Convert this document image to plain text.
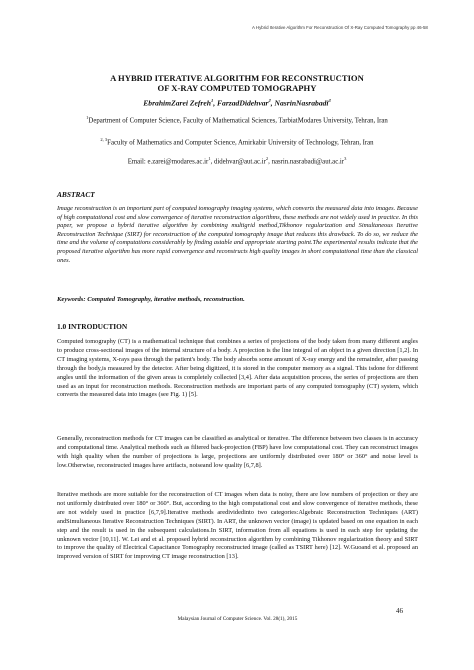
A Hybrid Iterative Algorithm For Reconstruction Of X-Ray Computed Tomography pp 46-58
A HYBRID ITERATIVE ALGORITHM FOR RECONSTRUCTION
OF X-RAY COMPUTED TOMOGRAPHY
EbrahimZarei Zefreh$^1$, FarzadDidehvar$^2$, NasrinNasrabadi$^3$
$^1$Department of Computer Science, Faculty of Mathematical Sciences, TarbiatModares University, Tehran, Iran
$^{2, 3}$Faculty of Mathematics and Computer Science, Amirkabir University of Technology, Tehran, Iran
Email: $e.zarei@modares.ac.ir^1$, $didehvar@aut.ac.ir^2$, $nasrin.nasrabadi@aut.ac.ir^3$
ABSTRACT
Image reconstruction is an important part of computed tomography imaging systems, which converts the measured data into images. Because of high computational cost and slow convergence of iterative reconstruction algorithms, these methods are not widely used in practice. In this paper, we propose a hybrid iterative algorithm by combining multigrid method,Tikhonov regularization and Simultaneous Iterative Reconstruction Technique (SIRT) for reconstruction of the computed tomography image that reduces this drawback. To do so, we reduce the time and the volume of computations considerably by finding astable and appropriate starting point.The experimental results indicate that the proposed iterative algorithm has more rapid convergence and reconstructs high quality images in short computational time than the classical ones.
Keywords: Computed Tomography, iterative methods, reconstruction.
1.0 INTRODUCTION
Computed tomography (CT) is a mathematical technique that combines a series of projections of the body taken from many different angles to produce cross-sectional images of the internal structure of a body. A projection is the line integral of an object in a given direction [1,2]. In CT imaging systems, X-rays pass through the patient's body. The body absorbs some amount of X-ray energy and the remainder, after passing through the body,is measured by the detector. After being digitized, it is stored in the computer memory as a signal. This isdone for different angles until the information of the given areas is completely collected [3,4]. After data acquisition process, the series of projections are then used as an input for reconstruction methods. Reconstruction methods are important parts of any computed tomography (CT) system, which converts the measured data into images (see Fig. 1) [5].
Generally, reconstruction methods for CT images can be classified as analytical or iterative. The difference between two classes is in accuracy and computational time. Analytical methods such as filtered back-projection (FBP) have low computational cost. They can reconstruct images with high quality when the number of projections is large, projections are uniformly distributed over 180° or 360° and noise level is low.Otherwise, reconstructed images have artifacts, noiseand low quality [6,7,8].
Iterative methods are more suitable for the reconstruction of CT images when data is noisy, there are low numbers of projection or they are not uniformly distributed over 180° or 360°. But, according to the high computational cost and slow convergence of iterative methods, these are not widely used in practice [6,7,9].Iterative methods aredividedinto two categories:Algebraic Reconstruction Techniques (ART) andSimultaneous Iterative Reconstruction Techniques (SIRT). In ART, the unknown vector (image) is updated based on one equation in each step and the result is used in the subsequent calculations.In SIRT, information from all equations is used in each step for updating the unknown vector [10,11]. W. Lei and et al. proposed hybrid reconstruction algorithm by combining Tikhonov regularization theory and SIRT to improve the quality of Electrical Capacitance Tomography reconstructed image (called as TSIRT here) [12]. W.Guoand et al. proposed an improved version of SIRT for improving CT image reconstruction [13].
46
Malaysian Journal of Computer Science. Vol. 28(1), 2015
